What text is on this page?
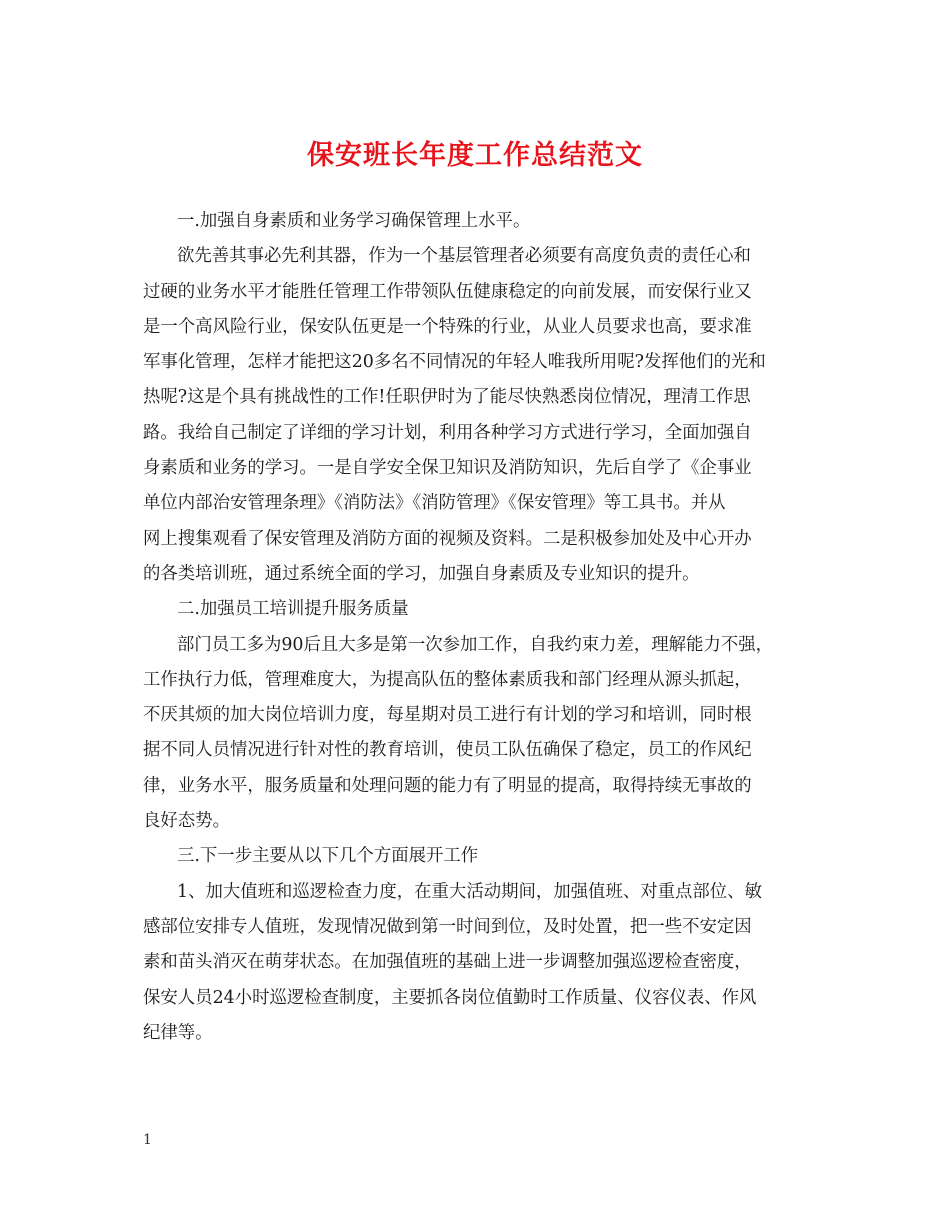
保安班长年度工作总结范文
一.加强自身素质和业务学习确保管理上水平。
欲先善其事必先利其器，作为一个基层管理者必须要有高度负责的责任心和
过硬的业务水平才能胜任管理工作带领队伍健康稳定的向前发展，而安保行业又
是一个高风险行业，保安队伍更是一个特殊的行业，从业人员要求也高，要求准
军事化管理，怎样才能把这20多名不同情况的年轻人唯我所用呢?发挥他们的光和
热呢?这是个具有挑战性的工作!任职伊时为了能尽快熟悉岗位情况，理清工作思
路。我给自己制定了详细的学习计划，利用各种学习方式进行学习，全面加强自
身素质和业务的学习。一是自学安全保卫知识及消防知识，先后自学了《企事业
单位内部治安管理条理》《消防法》《消防管理》《保安管理》等工具书。并从
网上搜集观看了保安管理及消防方面的视频及资料。二是积极参加处及中心开办
的各类培训班，通过系统全面的学习，加强自身素质及专业知识的提升。
二.加强员工培训提升服务质量
部门员工多为90后且大多是第一次参加工作，自我约束力差，理解能力不强，
工作执行力低，管理难度大，为提高队伍的整体素质我和部门经理从源头抓起，
不厌其烦的加大岗位培训力度，每星期对员工进行有计划的学习和培训，同时根
据不同人员情况进行针对性的教育培训，使员工队伍确保了稳定，员工的作风纪
律，业务水平，服务质量和处理问题的能力有了明显的提高，取得持续无事故的
良好态势。
三.下一步主要从以下几个方面展开工作
1、加大值班和巡逻检查力度，在重大活动期间，加强值班、对重点部位、敏
感部位安排专人值班，发现情况做到第一时间到位，及时处置，把一些不安定因
素和苗头消灭在萌芽状态。在加强值班的基础上进一步调整加强巡逻检查密度，
保安人员24小时巡逻检查制度，主要抓各岗位值勤时工作质量、仪容仪表、作风
纪律等。
1
